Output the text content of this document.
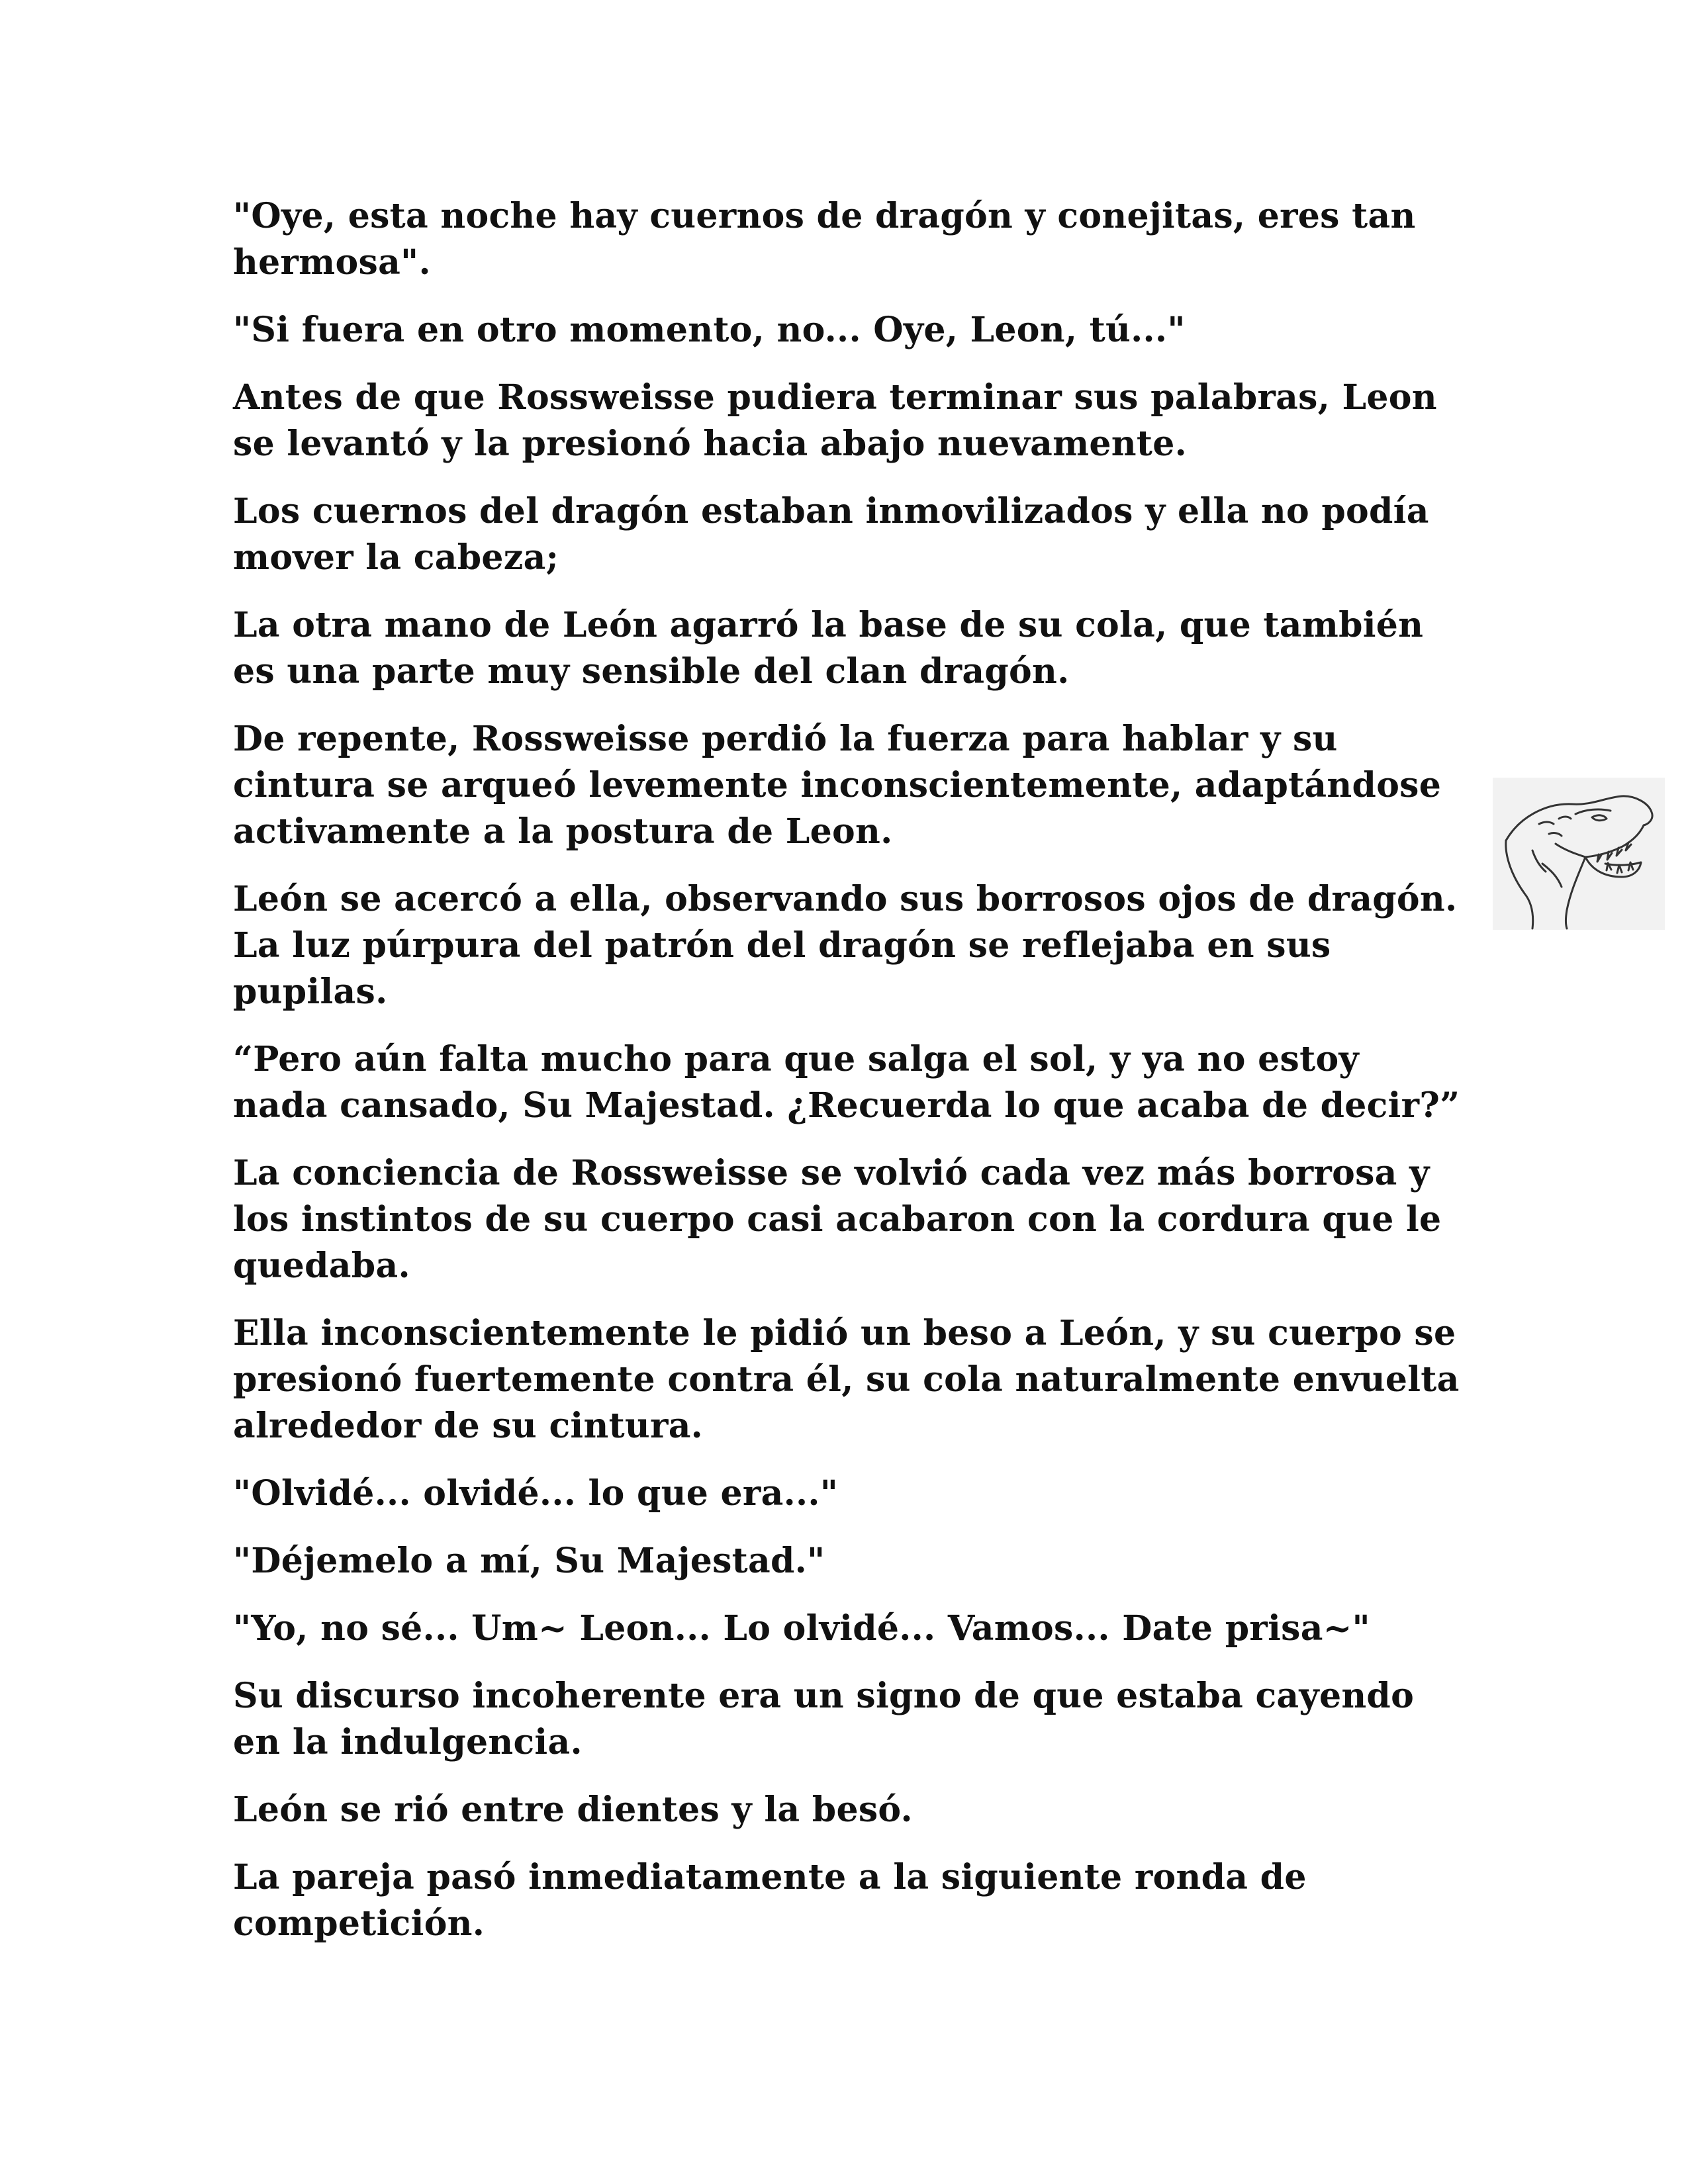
"Oye, esta noche hay cuernos de dragón y conejitas, eres tan hermosa".

"Si fuera en otro momento, no... Oye, Leon, tú..."

Antes de que Rossweisse pudiera terminar sus palabras, Leon se levantó y la presionó hacia abajo nuevamente.

Los cuernos del dragón estaban inmovilizados y ella no podía mover la cabeza;

La otra mano de León agarró la base de su cola, que también es una parte muy sensible del clan dragón.

De repente, Rossweisse perdió la fuerza para hablar y su cintura se arqueó levemente inconscientemente, adaptándose activamente a la postura de Leon.

León se acercó a ella, observando sus borrosos ojos de dragón. La luz púrpura del patrón del dragón se reflejaba en sus pupilas.

“Pero aún falta mucho para que salga el sol, y ya no estoy nada cansado, Su Majestad. ¿Recuerda lo que acaba de decir?”

La conciencia de Rossweisse se volvió cada vez más borrosa y los instintos de su cuerpo casi acabaron con la cordura que le quedaba.

Ella inconscientemente le pidió un beso a León, y su cuerpo se presionó fuertemente contra él, su cola naturalmente envuelta alrededor de su cintura.

"Olvidé... olvidé... lo que era..."

"Déjemelo a mí, Su Majestad."

"Yo, no sé... Um~ Leon... Lo olvidé... Vamos... Date prisa~"

Su discurso incoherente era un signo de que estaba cayendo en la indulgencia.

León se rió entre dientes y la besó.

La pareja pasó inmediatamente a la siguiente ronda de competición.
